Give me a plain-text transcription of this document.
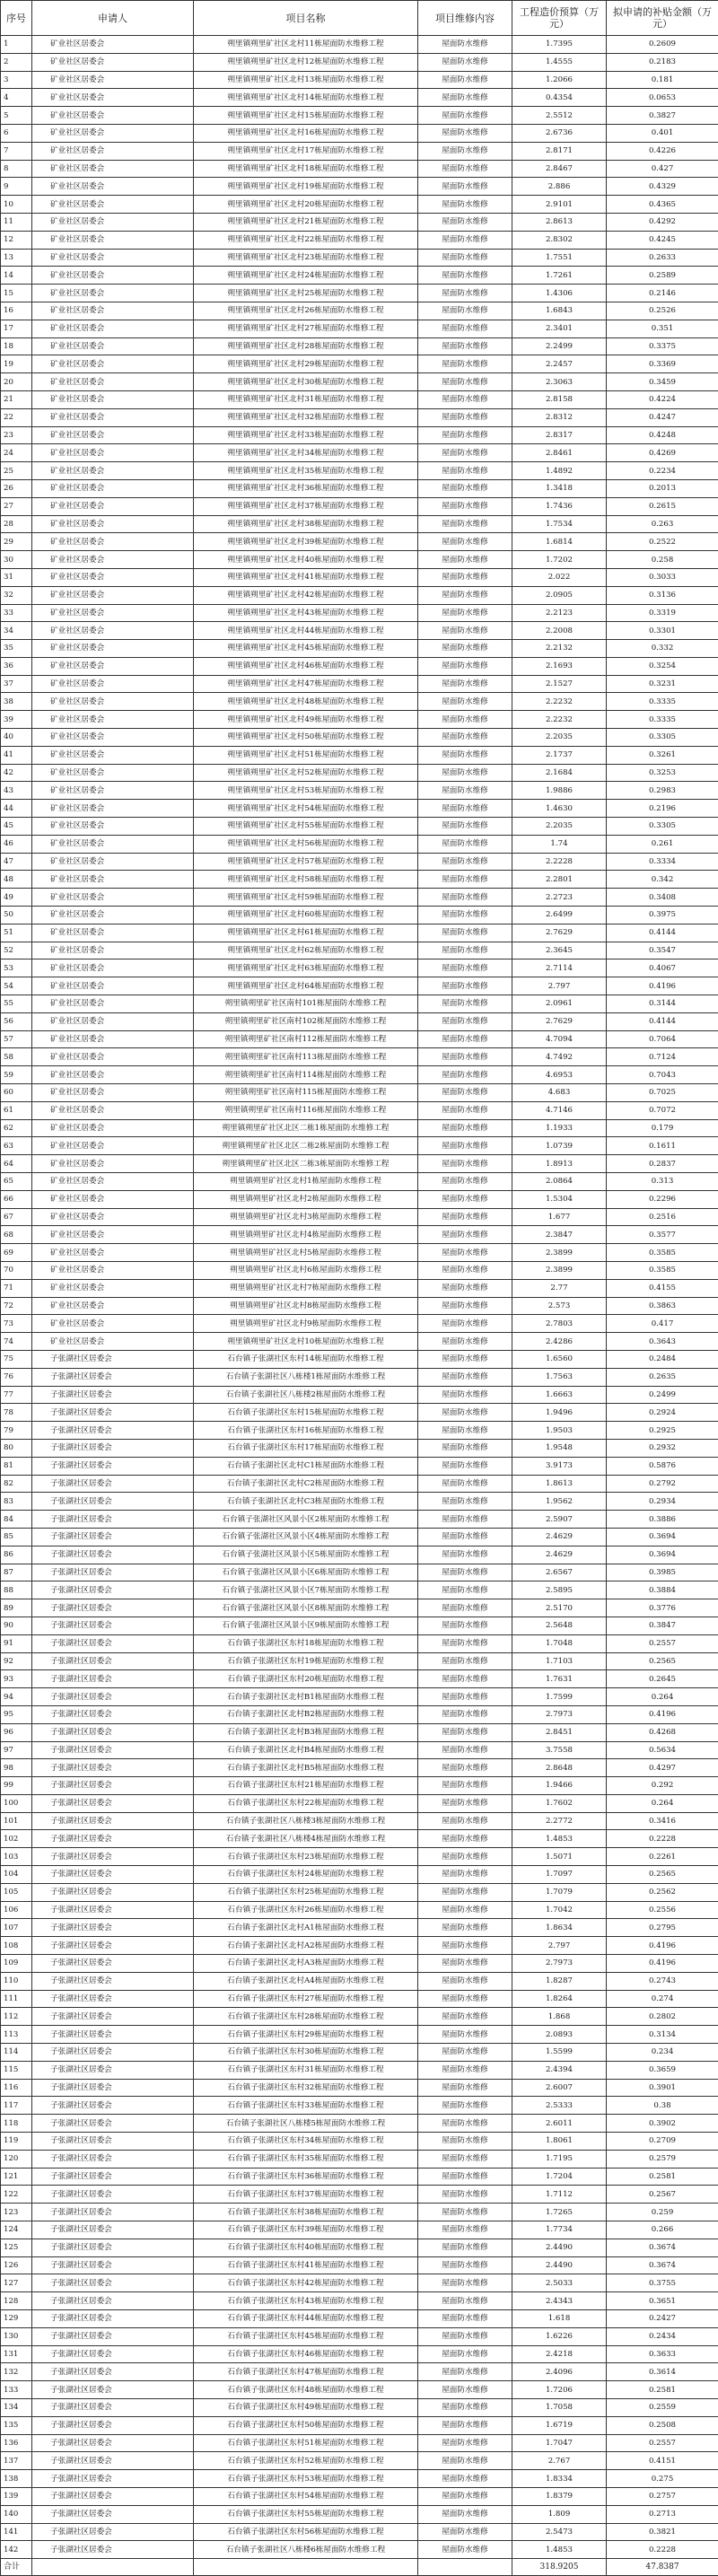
序号	申请人	项目名称	项目维修内容	工程造价预算（万元）	拟申请的补贴金额（万元）
1	矿业社区居委会	朔里镇朔里矿社区北村11栋屋面防水维修工程	屋面防水维修	1.7395	0.2609
2	矿业社区居委会	朔里镇朔里矿社区北村12栋屋面防水维修工程	屋面防水维修	1.4555	0.2183
3	矿业社区居委会	朔里镇朔里矿社区北村13栋屋面防水维修工程	屋面防水维修	1.2066	0.181
4	矿业社区居委会	朔里镇朔里矿社区北村14栋屋面防水维修工程	屋面防水维修	0.4354	0.0653
5	矿业社区居委会	朔里镇朔里矿社区北村15栋屋面防水维修工程	屋面防水维修	2.5512	0.3827
6	矿业社区居委会	朔里镇朔里矿社区北村16栋屋面防水维修工程	屋面防水维修	2.6736	0.401
7	矿业社区居委会	朔里镇朔里矿社区北村17栋屋面防水维修工程	屋面防水维修	2.8171	0.4226
8	矿业社区居委会	朔里镇朔里矿社区北村18栋屋面防水维修工程	屋面防水维修	2.8467	0.427
9	矿业社区居委会	朔里镇朔里矿社区北村19栋屋面防水维修工程	屋面防水维修	2.886	0.4329
10	矿业社区居委会	朔里镇朔里矿社区北村20栋屋面防水维修工程	屋面防水维修	2.9101	0.4365
11	矿业社区居委会	朔里镇朔里矿社区北村21栋屋面防水维修工程	屋面防水维修	2.8613	0.4292
12	矿业社区居委会	朔里镇朔里矿社区北村22栋屋面防水维修工程	屋面防水维修	2.8302	0.4245
13	矿业社区居委会	朔里镇朔里矿社区北村23栋屋面防水维修工程	屋面防水维修	1.7551	0.2633
14	矿业社区居委会	朔里镇朔里矿社区北村24栋屋面防水维修工程	屋面防水维修	1.7261	0.2589
15	矿业社区居委会	朔里镇朔里矿社区北村25栋屋面防水维修工程	屋面防水维修	1.4306	0.2146
16	矿业社区居委会	朔里镇朔里矿社区北村26栋屋面防水维修工程	屋面防水维修	1.6843	0.2526
17	矿业社区居委会	朔里镇朔里矿社区北村27栋屋面防水维修工程	屋面防水维修	2.3401	0.351
18	矿业社区居委会	朔里镇朔里矿社区北村28栋屋面防水维修工程	屋面防水维修	2.2499	0.3375
19	矿业社区居委会	朔里镇朔里矿社区北村29栋屋面防水维修工程	屋面防水维修	2.2457	0.3369
20	矿业社区居委会	朔里镇朔里矿社区北村30栋屋面防水维修工程	屋面防水维修	2.3063	0.3459
21	矿业社区居委会	朔里镇朔里矿社区北村31栋屋面防水维修工程	屋面防水维修	2.8158	0.4224
22	矿业社区居委会	朔里镇朔里矿社区北村32栋屋面防水维修工程	屋面防水维修	2.8312	0.4247
23	矿业社区居委会	朔里镇朔里矿社区北村33栋屋面防水维修工程	屋面防水维修	2.8317	0.4248
24	矿业社区居委会	朔里镇朔里矿社区北村34栋屋面防水维修工程	屋面防水维修	2.8461	0.4269
25	矿业社区居委会	朔里镇朔里矿社区北村35栋屋面防水维修工程	屋面防水维修	1.4892	0.2234
26	矿业社区居委会	朔里镇朔里矿社区北村36栋屋面防水维修工程	屋面防水维修	1.3418	0.2013
27	矿业社区居委会	朔里镇朔里矿社区北村37栋屋面防水维修工程	屋面防水维修	1.7436	0.2615
28	矿业社区居委会	朔里镇朔里矿社区北村38栋屋面防水维修工程	屋面防水维修	1.7534	0.263
29	矿业社区居委会	朔里镇朔里矿社区北村39栋屋面防水维修工程	屋面防水维修	1.6814	0.2522
30	矿业社区居委会	朔里镇朔里矿社区北村40栋屋面防水维修工程	屋面防水维修	1.7202	0.258
31	矿业社区居委会	朔里镇朔里矿社区北村41栋屋面防水维修工程	屋面防水维修	2.022	0.3033
32	矿业社区居委会	朔里镇朔里矿社区北村42栋屋面防水维修工程	屋面防水维修	2.0905	0.3136
33	矿业社区居委会	朔里镇朔里矿社区北村43栋屋面防水维修工程	屋面防水维修	2.2123	0.3319
34	矿业社区居委会	朔里镇朔里矿社区北村44栋屋面防水维修工程	屋面防水维修	2.2008	0.3301
35	矿业社区居委会	朔里镇朔里矿社区北村45栋屋面防水维修工程	屋面防水维修	2.2132	0.332
36	矿业社区居委会	朔里镇朔里矿社区北村46栋屋面防水维修工程	屋面防水维修	2.1693	0.3254
37	矿业社区居委会	朔里镇朔里矿社区北村47栋屋面防水维修工程	屋面防水维修	2.1527	0.3231
38	矿业社区居委会	朔里镇朔里矿社区北村48栋屋面防水维修工程	屋面防水维修	2.2232	0.3335
39	矿业社区居委会	朔里镇朔里矿社区北村49栋屋面防水维修工程	屋面防水维修	2.2232	0.3335
40	矿业社区居委会	朔里镇朔里矿社区北村50栋屋面防水维修工程	屋面防水维修	2.2035	0.3305
41	矿业社区居委会	朔里镇朔里矿社区北村51栋屋面防水维修工程	屋面防水维修	2.1737	0.3261
42	矿业社区居委会	朔里镇朔里矿社区北村52栋屋面防水维修工程	屋面防水维修	2.1684	0.3253
43	矿业社区居委会	朔里镇朔里矿社区北村53栋屋面防水维修工程	屋面防水维修	1.9886	0.2983
44	矿业社区居委会	朔里镇朔里矿社区北村54栋屋面防水维修工程	屋面防水维修	1.4630	0.2196
45	矿业社区居委会	朔里镇朔里矿社区北村55栋屋面防水维修工程	屋面防水维修	2.2035	0.3305
46	矿业社区居委会	朔里镇朔里矿社区北村56栋屋面防水维修工程	屋面防水维修	1.74	0.261
47	矿业社区居委会	朔里镇朔里矿社区北村57栋屋面防水维修工程	屋面防水维修	2.2228	0.3334
48	矿业社区居委会	朔里镇朔里矿社区北村58栋屋面防水维修工程	屋面防水维修	2.2801	0.342
49	矿业社区居委会	朔里镇朔里矿社区北村59栋屋面防水维修工程	屋面防水维修	2.2723	0.3408
50	矿业社区居委会	朔里镇朔里矿社区北村60栋屋面防水维修工程	屋面防水维修	2.6499	0.3975
51	矿业社区居委会	朔里镇朔里矿社区北村61栋屋面防水维修工程	屋面防水维修	2.7629	0.4144
52	矿业社区居委会	朔里镇朔里矿社区北村62栋屋面防水维修工程	屋面防水维修	2.3645	0.3547
53	矿业社区居委会	朔里镇朔里矿社区北村63栋屋面防水维修工程	屋面防水维修	2.7114	0.4067
54	矿业社区居委会	朔里镇朔里矿社区北村64栋屋面防水维修工程	屋面防水维修	2.797	0.4196
55	矿业社区居委会	朔里镇朔里矿社区南村101栋屋面防水维修工程	屋面防水维修	2.0961	0.3144
56	矿业社区居委会	朔里镇朔里矿社区南村102栋屋面防水维修工程	屋面防水维修	2.7629	0.4144
57	矿业社区居委会	朔里镇朔里矿社区南村112栋屋面防水维修工程	屋面防水维修	4.7094	0.7064
58	矿业社区居委会	朔里镇朔里矿社区南村113栋屋面防水维修工程	屋面防水维修	4.7492	0.7124
59	矿业社区居委会	朔里镇朔里矿社区南村114栋屋面防水维修工程	屋面防水维修	4.6953	0.7043
60	矿业社区居委会	朔里镇朔里矿社区南村115栋屋面防水维修工程	屋面防水维修	4.683	0.7025
61	矿业社区居委会	朔里镇朔里矿社区南村116栋屋面防水维修工程	屋面防水维修	4.7146	0.7072
62	矿业社区居委会	朔里镇朔里矿社区北区二栋1栋屋面防水维修工程	屋面防水维修	1.1933	0.179
63	矿业社区居委会	朔里镇朔里矿社区北区二栋2栋屋面防水维修工程	屋面防水维修	1.0739	0.1611
64	矿业社区居委会	朔里镇朔里矿社区北区二栋3栋屋面防水维修工程	屋面防水维修	1.8913	0.2837
65	矿业社区居委会	朔里镇朔里矿社区北村1栋屋面防水维修工程	屋面防水维修	2.0864	0.313
66	矿业社区居委会	朔里镇朔里矿社区北村2栋屋面防水维修工程	屋面防水维修	1.5304	0.2296
67	矿业社区居委会	朔里镇朔里矿社区北村3栋屋面防水维修工程	屋面防水维修	1.677	0.2516
68	矿业社区居委会	朔里镇朔里矿社区北村4栋屋面防水维修工程	屋面防水维修	2.3847	0.3577
69	矿业社区居委会	朔里镇朔里矿社区北村5栋屋面防水维修工程	屋面防水维修	2.3899	0.3585
70	矿业社区居委会	朔里镇朔里矿社区北村6栋屋面防水维修工程	屋面防水维修	2.3899	0.3585
71	矿业社区居委会	朔里镇朔里矿社区北村7栋屋面防水维修工程	屋面防水维修	2.77	0.4155
72	矿业社区居委会	朔里镇朔里矿社区北村8栋屋面防水维修工程	屋面防水维修	2.573	0.3863
73	矿业社区居委会	朔里镇朔里矿社区北村9栋屋面防水维修工程	屋面防水维修	2.7803	0.417
74	矿业社区居委会	朔里镇朔里矿社区北村10栋屋面防水维修工程	屋面防水维修	2.4286	0.3643
75	子张湖社区居委会	石台镇子张湖社区东村14栋屋面防水维修工程	屋面防水维修	1.6560	0.2484
76	子张湖社区居委会	石台镇子张湖社区八栋楼1栋屋面防水维修工程	屋面防水维修	1.7563	0.2635
77	子张湖社区居委会	石台镇子张湖社区八栋楼2栋屋面防水维修工程	屋面防水维修	1.6663	0.2499
78	子张湖社区居委会	石台镇子张湖社区东村15栋屋面防水维修工程	屋面防水维修	1.9496	0.2924
79	子张湖社区居委会	石台镇子张湖社区东村16栋屋面防水维修工程	屋面防水维修	1.9503	0.2925
80	子张湖社区居委会	石台镇子张湖社区东村17栋屋面防水维修工程	屋面防水维修	1.9548	0.2932
81	子张湖社区居委会	石台镇子张湖社区北村C1栋屋面防水维修工程	屋面防水维修	3.9173	0.5876
82	子张湖社区居委会	石台镇子张湖社区北村C2栋屋面防水维修工程	屋面防水维修	1.8613	0.2792
83	子张湖社区居委会	石台镇子张湖社区北村C3栋屋面防水维修工程	屋面防水维修	1.9562	0.2934
84	子张湖社区居委会	石台镇子张湖社区风景小区2栋屋面防水维修工程	屋面防水维修	2.5907	0.3886
85	子张湖社区居委会	石台镇子张湖社区风景小区4栋屋面防水维修工程	屋面防水维修	2.4629	0.3694
86	子张湖社区居委会	石台镇子张湖社区风景小区5栋屋面防水维修工程	屋面防水维修	2.4629	0.3694
87	子张湖社区居委会	石台镇子张湖社区风景小区6栋屋面防水维修工程	屋面防水维修	2.6567	0.3985
88	子张湖社区居委会	石台镇子张湖社区风景小区7栋屋面防水维修工程	屋面防水维修	2.5895	0.3884
89	子张湖社区居委会	石台镇子张湖社区风景小区8栋屋面防水维修工程	屋面防水维修	2.5170	0.3776
90	子张湖社区居委会	石台镇子张湖社区风景小区9栋屋面防水维修工程	屋面防水维修	2.5648	0.3847
91	子张湖社区居委会	石台镇子张湖社区东村18栋屋面防水维修工程	屋面防水维修	1.7048	0.2557
92	子张湖社区居委会	石台镇子张湖社区东村19栋屋面防水维修工程	屋面防水维修	1.7103	0.2565
93	子张湖社区居委会	石台镇子张湖社区东村20栋屋面防水维修工程	屋面防水维修	1.7631	0.2645
94	子张湖社区居委会	石台镇子张湖社区北村B1栋屋面防水维修工程	屋面防水维修	1.7599	0.264
95	子张湖社区居委会	石台镇子张湖社区北村B2栋屋面防水维修工程	屋面防水维修	2.7973	0.4196
96	子张湖社区居委会	石台镇子张湖社区北村B3栋屋面防水维修工程	屋面防水维修	2.8451	0.4268
97	子张湖社区居委会	石台镇子张湖社区北村B4栋屋面防水维修工程	屋面防水维修	3.7558	0.5634
98	子张湖社区居委会	石台镇子张湖社区北村B5栋屋面防水维修工程	屋面防水维修	2.8648	0.4297
99	子张湖社区居委会	石台镇子张湖社区东村21栋屋面防水维修工程	屋面防水维修	1.9466	0.292
100	子张湖社区居委会	石台镇子张湖社区东村22栋屋面防水维修工程	屋面防水维修	1.7602	0.264
101	子张湖社区居委会	石台镇子张湖社区八栋楼3栋屋面防水维修工程	屋面防水维修	2.2772	0.3416
102	子张湖社区居委会	石台镇子张湖社区八栋楼4栋屋面防水维修工程	屋面防水维修	1.4853	0.2228
103	子张湖社区居委会	石台镇子张湖社区东村23栋屋面防水维修工程	屋面防水维修	1.5071	0.2261
104	子张湖社区居委会	石台镇子张湖社区东村24栋屋面防水维修工程	屋面防水维修	1.7097	0.2565
105	子张湖社区居委会	石台镇子张湖社区东村25栋屋面防水维修工程	屋面防水维修	1.7079	0.2562
106	子张湖社区居委会	石台镇子张湖社区东村26栋屋面防水维修工程	屋面防水维修	1.7042	0.2556
107	子张湖社区居委会	石台镇子张湖社区北村A1栋屋面防水维修工程	屋面防水维修	1.8634	0.2795
108	子张湖社区居委会	石台镇子张湖社区北村A2栋屋面防水维修工程	屋面防水维修	2.797	0.4196
109	子张湖社区居委会	石台镇子张湖社区北村A3栋屋面防水维修工程	屋面防水维修	2.7973	0.4196
110	子张湖社区居委会	石台镇子张湖社区北村A4栋屋面防水维修工程	屋面防水维修	1.8287	0.2743
111	子张湖社区居委会	石台镇子张湖社区东村27栋屋面防水维修工程	屋面防水维修	1.8264	0.274
112	子张湖社区居委会	石台镇子张湖社区东村28栋屋面防水维修工程	屋面防水维修	1.868	0.2802
113	子张湖社区居委会	石台镇子张湖社区东村29栋屋面防水维修工程	屋面防水维修	2.0893	0.3134
114	子张湖社区居委会	石台镇子张湖社区东村30栋屋面防水维修工程	屋面防水维修	1.5599	0.234
115	子张湖社区居委会	石台镇子张湖社区东村31栋屋面防水维修工程	屋面防水维修	2.4394	0.3659
116	子张湖社区居委会	石台镇子张湖社区东村32栋屋面防水维修工程	屋面防水维修	2.6007	0.3901
117	子张湖社区居委会	石台镇子张湖社区东村33栋屋面防水维修工程	屋面防水维修	2.5333	0.38
118	子张湖社区居委会	石台镇子张湖社区八栋楼5栋屋面防水维修工程	屋面防水维修	2.6011	0.3902
119	子张湖社区居委会	石台镇子张湖社区东村34栋屋面防水维修工程	屋面防水维修	1.8061	0.2709
120	子张湖社区居委会	石台镇子张湖社区东村35栋屋面防水维修工程	屋面防水维修	1.7195	0.2579
121	子张湖社区居委会	石台镇子张湖社区东村36栋屋面防水维修工程	屋面防水维修	1.7204	0.2581
122	子张湖社区居委会	石台镇子张湖社区东村37栋屋面防水维修工程	屋面防水维修	1.7112	0.2567
123	子张湖社区居委会	石台镇子张湖社区东村38栋屋面防水维修工程	屋面防水维修	1.7265	0.259
124	子张湖社区居委会	石台镇子张湖社区东村39栋屋面防水维修工程	屋面防水维修	1.7734	0.266
125	子张湖社区居委会	石台镇子张湖社区东村40栋屋面防水维修工程	屋面防水维修	2.4490	0.3674
126	子张湖社区居委会	石台镇子张湖社区东村41栋屋面防水维修工程	屋面防水维修	2.4490	0.3674
127	子张湖社区居委会	石台镇子张湖社区东村42栋屋面防水维修工程	屋面防水维修	2.5033	0.3755
128	子张湖社区居委会	石台镇子张湖社区东村43栋屋面防水维修工程	屋面防水维修	2.4343	0.3651
129	子张湖社区居委会	石台镇子张湖社区东村44栋屋面防水维修工程	屋面防水维修	1.618	0.2427
130	子张湖社区居委会	石台镇子张湖社区东村45栋屋面防水维修工程	屋面防水维修	1.6226	0.2434
131	子张湖社区居委会	石台镇子张湖社区东村46栋屋面防水维修工程	屋面防水维修	2.4218	0.3633
132	子张湖社区居委会	石台镇子张湖社区东村47栋屋面防水维修工程	屋面防水维修	2.4096	0.3614
133	子张湖社区居委会	石台镇子张湖社区东村48栋屋面防水维修工程	屋面防水维修	1.7206	0.2581
134	子张湖社区居委会	石台镇子张湖社区东村49栋屋面防水维修工程	屋面防水维修	1.7058	0.2559
135	子张湖社区居委会	石台镇子张湖社区东村50栋屋面防水维修工程	屋面防水维修	1.6719	0.2508
136	子张湖社区居委会	石台镇子张湖社区东村51栋屋面防水维修工程	屋面防水维修	1.7047	0.2557
137	子张湖社区居委会	石台镇子张湖社区东村52栋屋面防水维修工程	屋面防水维修	2.767	0.4151
138	子张湖社区居委会	石台镇子张湖社区东村53栋屋面防水维修工程	屋面防水维修	1.8334	0.275
139	子张湖社区居委会	石台镇子张湖社区东村54栋屋面防水维修工程	屋面防水维修	1.8379	0.2757
140	子张湖社区居委会	石台镇子张湖社区东村55栋屋面防水维修工程	屋面防水维修	1.809	0.2713
141	子张湖社区居委会	石台镇子张湖社区东村56栋屋面防水维修工程	屋面防水维修	2.5473	0.3821
142	子张湖社区居委会	石台镇子张湖社区八栋楼6栋屋面防水维修工程	屋面防水维修	1.4853	0.2228
合计				318.9205	47.8387
